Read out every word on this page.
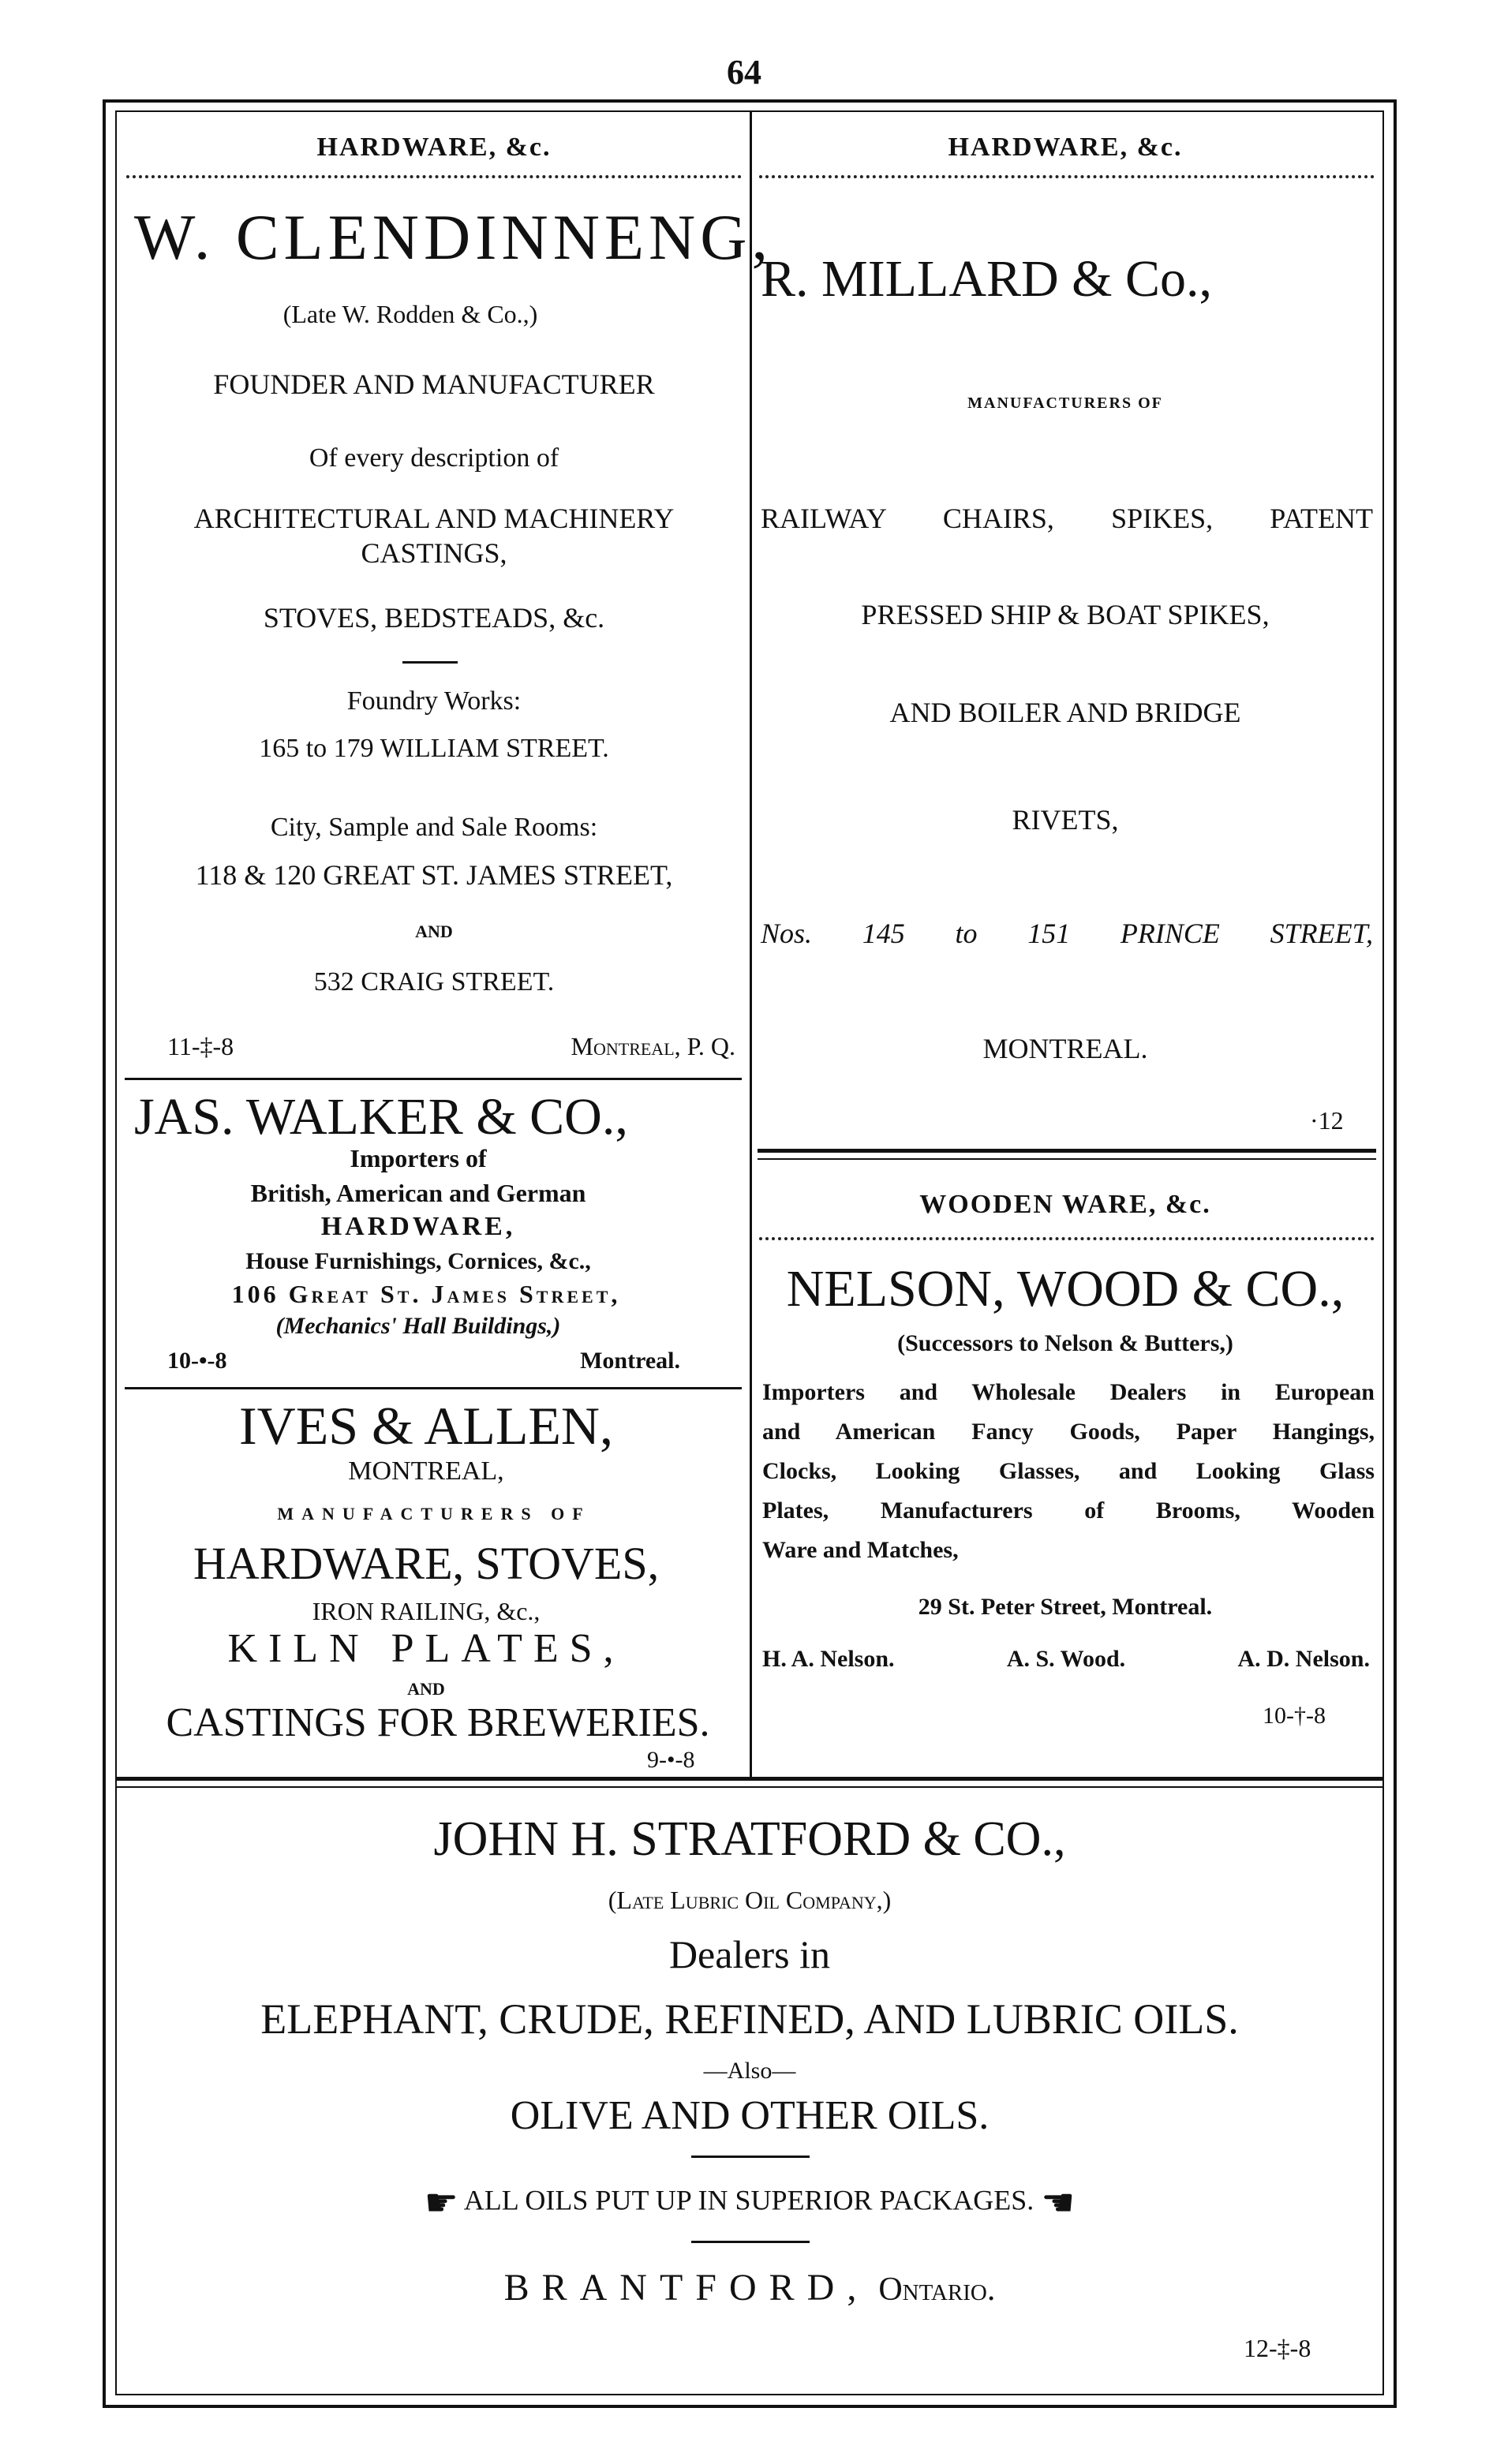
64
HARDWARE, &c.
W. CLENDINNENG,
(Late W. Rodden & Co.,)
FOUNDER AND MANUFACTURER
Of every description of
ARCHITECTURAL AND MACHINERY
CASTINGS,
STOVES, BEDSTEADS, &c.
Foundry Works:
165 to 179 WILLIAM STREET.
City, Sample and Sale Rooms:
118 & 120 GREAT ST. JAMES STREET,
AND
532 CRAIG STREET.
11-‡-8	Montreal, P. Q.
JAS. WALKER & CO.,
Importers of
British, American and German
HARDWARE,
House Furnishings, Cornices, &c.,
106 Great St. James Street,
(Mechanics' Hall Buildings,)
10-•-8	Montreal.
IVES & ALLEN,
MONTREAL,
MANUFACTURERS OF
HARDWARE, STOVES,
IRON RAILING, &c.,
KILN PLATES,
AND
CASTINGS FOR BREWERIES.
9-•-8
HARDWARE, &c.
R. MILLARD & Co.,
MANUFACTURERS OF
RAILWAY CHAIRS, SPIKES, PATENT
PRESSED SHIP & BOAT SPIKES,
AND BOILER AND BRIDGE
RIVETS,
Nos. 145 to 151 PRINCE STREET,
MONTREAL.
·12
WOODEN WARE, &c.
NELSON, WOOD & CO.,
(Successors to Nelson & Butters,)
Importers and Wholesale Dealers in European
and American Fancy Goods, Paper Hangings,
Clocks, Looking Glasses, and Looking Glass
Plates, Manufacturers of Brooms, Wooden
Ware and Matches,
29 St. Peter Street, Montreal.
H. A. Nelson.	A. S. Wood.	A. D. Nelson.
10-†-8
JOHN H. STRATFORD & CO.,
(Late Lubric Oil Company,)
Dealers in
ELEPHANT, CRUDE, REFINED, AND LUBRIC OILS.
—Also—
OLIVE AND OTHER OILS.
☛ ALL OILS PUT UP IN SUPERIOR PACKAGES. ☚
BRANTFORD, Ontario.
12-‡-8
